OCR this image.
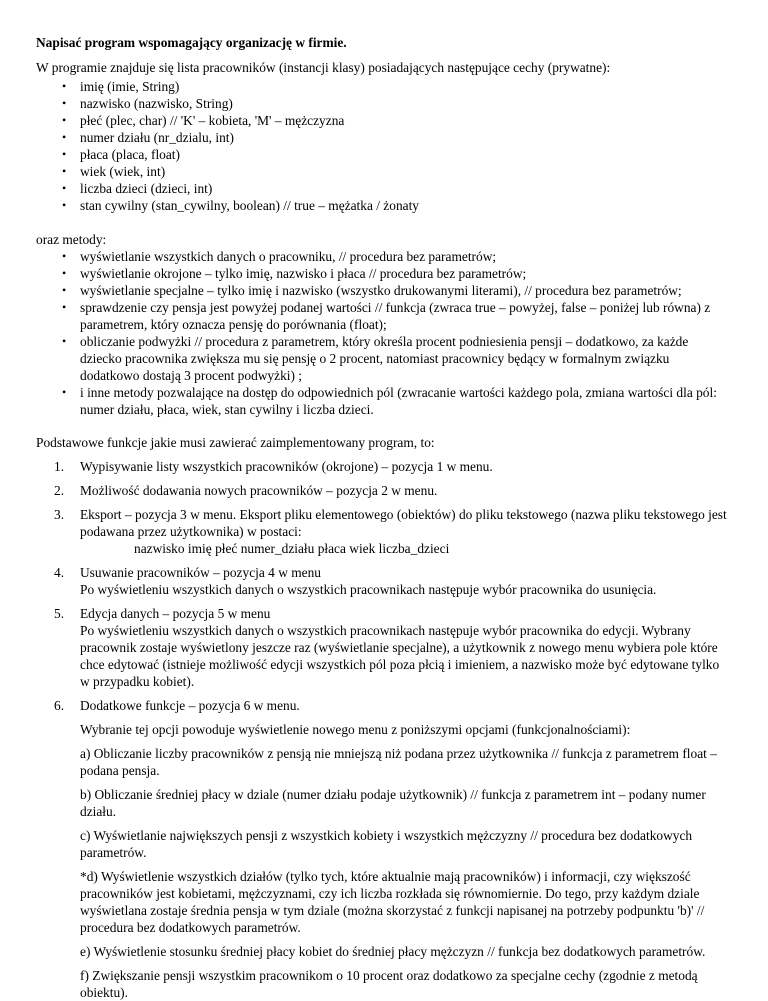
Napisać program wspomagający organizację w firmie.

W programie znajduje się lista pracowników (instancji klasy) posiadających następujące cechy (prywatne):

• imię (imie, String)
• nazwisko (nazwisko, String)
• płeć (plec, char) // 'K' – kobieta, 'M' – mężczyzna
• numer działu (nr_dzialu, int)
• płaca (placa, float)
• wiek (wiek, int)
• liczba dzieci (dzieci, int)
• stan cywilny (stan_cywilny, boolean) // true – mężatka / żonaty

oraz metody:

• wyświetlanie wszystkich danych o pracowniku, // procedura bez parametrów;
• wyświetlanie okrojone – tylko imię, nazwisko i płaca // procedura bez parametrów;
• wyświetlanie specjalne – tylko imię i nazwisko (wszystko drukowanymi literami), // procedura bez parametrów;
• sprawdzenie czy pensja jest powyżej podanej wartości // funkcja (zwraca true – powyżej, false – poniżej lub równa) z parametrem, który oznacza pensję do porównania (float);
• obliczanie podwyżki // procedura z parametrem, który określa procent podniesienia pensji – dodatkowo, za każde dziecko pracownika zwiększa mu się pensję o 2 procent, natomiast pracownicy będący w formalnym związku dodatkowo dostają 3 procent podwyżki) ;
• i inne metody pozwalające na dostęp do odpowiednich pól (zwracanie wartości każdego pola, zmiana wartości dla pól: numer działu, płaca, wiek, stan cywilny i liczba dzieci.

Podstawowe funkcje jakie musi zawierać zaimplementowany program, to:

1. Wypisywanie listy wszystkich pracowników (okrojone) – pozycja 1 w menu.
2. Możliwość dodawania nowych pracowników – pozycja 2 w menu.
3. Eksport – pozycja 3 w menu. Eksport pliku elementowego (obiektów) do pliku tekstowego (nazwa pliku tekstowego jest podawana przez użytkownika) w postaci:
nazwisko imię płeć numer_działu płaca wiek liczba_dzieci
4. Usuwanie pracowników – pozycja 4 w menu
Po wyświetleniu wszystkich danych o wszystkich pracownikach następuje wybór pracownika do usunięcia.
5. Edycja danych – pozycja 5 w menu
Po wyświetleniu wszystkich danych o wszystkich pracownikach następuje wybór pracownika do edycji. Wybrany pracownik zostaje wyświetlony jeszcze raz (wyświetlanie specjalne), a użytkownik z nowego menu wybiera pole które chce edytować (istnieje możliwość edycji wszystkich pól poza płcią i imieniem, a nazwisko może być edytowane tylko w przypadku kobiet).
6. Dodatkowe funkcje – pozycja 6 w menu.
Wybranie tej opcji powoduje wyświetlenie nowego menu z poniższymi opcjami (funkcjonalnościami):
a) Obliczanie liczby pracowników z pensją nie mniejszą niż podana przez użytkownika // funkcja z parametrem float – podana pensja.
b) Obliczanie średniej płacy w dziale (numer działu podaje użytkownik) // funkcja z parametrem int – podany numer działu.
c) Wyświetlanie największych pensji z wszystkich kobiety i wszystkich mężczyzny // procedura bez dodatkowych parametrów.
*d) Wyświetlenie wszystkich działów (tylko tych, które aktualnie mają pracowników) i informacji, czy większość pracowników jest kobietami, mężczyznami, czy ich liczba rozkłada się równomiernie. Do tego, przy każdym dziale wyświetlana zostaje średnia pensja w tym dziale (można skorzystać z funkcji napisanej na potrzeby podpunktu 'b)' // procedura bez dodatkowych parametrów.
e) Wyświetlenie stosunku średniej płacy kobiet do średniej płacy mężczyzn // funkcja bez dodatkowych parametrów.
f) Zwiększanie pensji wszystkim pracownikom o 10 procent oraz dodatkowo za specjalne cechy (zgodnie z metodą obiektu).
